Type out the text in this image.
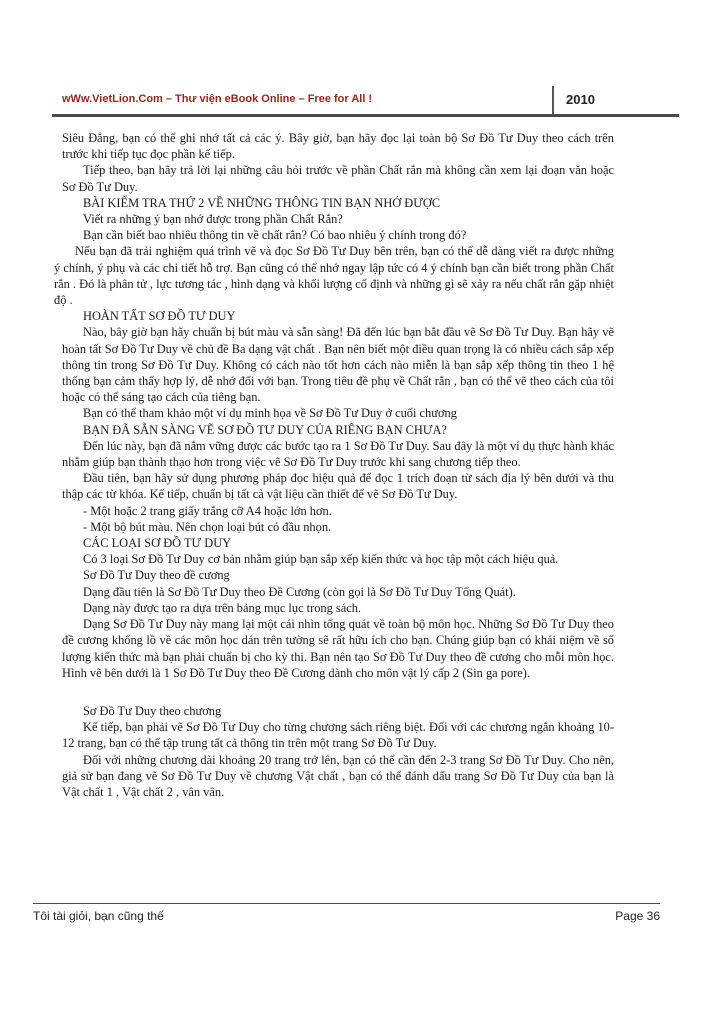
wWw.VietLion.Com – Thư viện eBook Online – Free for All !	2010

Siêu Đẳng, bạn có thể ghi nhớ tất cả các ý. Bây giờ, bạn hãy đọc lại toàn bộ Sơ Đồ Tư Duy theo cách trên trước khi tiếp tục đọc phần kế tiếp.

Tiếp theo, bạn hãy trả lời lại những câu hỏi trước về phần Chất rắn mà không cần xem lại đoạn văn hoặc Sơ Đồ Tư Duy.

BÀI KIỂM TRA THỨ 2 VỀ NHỮNG THÔNG TIN BẠN NHỚ ĐƯỢC

Viết ra những ý bạn nhớ được trong phần Chất Rắn?

Bạn cần biết bao nhiêu thông tin về chất rắn? Có bao nhiêu ý chính trong đó?

Nếu bạn đã trải nghiệm quá trình vẽ và đọc Sơ Đồ Tư Duy bên trên, bạn có thể dễ dàng viết ra được những ý chính, ý phụ và các chi tiết hỗ trợ. Bạn cũng có thể nhớ ngay lập tức có 4 ý chính bạn cần biết trong phần Chất rắn . Đó là phân tử , lực tương tác , hình dạng và khối lượng cố định và những gì sẽ xảy ra nếu chất rắn gặp nhiệt độ .

HOÀN TẤT SƠ ĐỒ TƯ DUY

Nào, bây giờ bạn hãy chuẩn bị bút màu và sẵn sàng! Đã đến lúc bạn bắt đầu vẽ Sơ Đồ Tư Duy. Bạn hãy vẽ hoàn tất Sơ Đồ Tư Duy về chủ đề Ba dạng vật chất . Bạn nên biết một điều quan trọng là có nhiều cách sắp xếp thông tin trong Sơ Đồ Tư Duy. Không có cách nào tốt hơn cách nào miễn là bạn sắp xếp thông tin theo 1 hệ thống bạn cảm thấy hợp lý, dễ nhớ đối với bạn. Trong tiêu đề phụ về Chất rắn , bạn có thể vẽ theo cách của tôi hoặc có thể sáng tạo cách của tiêng bạn.

Bạn có thể tham khảo một ví dụ minh họa về Sơ Đồ Tư Duy ở cuối chương

BẠN ĐÃ SẴN SÀNG VẼ SƠ ĐỒ TƯ DUY CỦA RIÊNG BẠN CHƯA?

Đến lúc này, bạn đã nắm vững được các bước tạo ra 1 Sơ Đồ Tư Duy. Sau đây là một ví dụ thực hành khác nhằm giúp bạn thành thạo hơn trong việc vẽ Sơ Đồ Tư Duy trước khi sang chương tiếp theo.

Đầu tiên, bạn hãy sử dụng phương pháp đọc hiệu quả để đọc 1 trích đoạn từ sách địa lý bên dưới và thu thập các từ khóa. Kế tiếp, chuẩn bị tất cả vật liệu cần thiết để vẽ Sơ Đồ Tư Duy.

- Một hoặc 2 trang giấy trắng cỡ A4 hoặc lớn hơn.

- Một bộ bút màu. Nên chọn loại bút có đầu nhọn.

CÁC LOẠI SƠ ĐỒ TƯ DUY

Có 3 loại Sơ Đồ Tư Duy cơ bản nhằm giúp bạn sắp xếp kiến thức và học tập một cách hiệu quả.

Sơ Đồ Tư Duy theo đề cương

Dạng đầu tiên là Sơ Đồ Tư Duy theo Đề Cương (còn gọi là Sơ Đồ Tư Duy Tổng Quát).

Dạng này được tạo ra dựa trên bảng mục lục trong sách.

Dạng Sơ Đồ Tư Duy này mang lại một cái nhìn tổng quát về toàn bộ môn học. Những Sơ Đồ Tư Duy theo đề cương khổng lồ về các môn học dán trên tường sẽ rất hữu ích cho bạn. Chúng giúp bạn có khái niệm về số lượng kiến thức mà bạn phải chuẩn bị cho kỳ thi. Bạn nên tạo Sơ Đồ Tư Duy theo đề cương cho mỗi môn học. Hình vẽ bên dưới là 1 Sơ Đồ Tư Duy theo Đề Cương dành cho môn vật lý cấp 2 (Sin ga pore).

Sơ Đồ Tư Duy theo chương

Kế tiếp, bạn phải vẽ Sơ Đồ Tư Duy cho từng chương sách riêng biệt. Đối với các chương ngắn khoảng 10-12 trang, bạn có thể tập trung tất cả thông tin trên một trang Sơ Đồ Tư Duy.

Đối với những chương dài khoảng 20 trang trở lên, bạn có thể cần đến 2-3 trang Sơ Đồ Tư Duy. Cho nên, giả sử bạn đang vẽ Sơ Đồ Tư Duy về chương Vật chất , bạn có thể đánh dấu trang Sơ Đồ Tư Duy của bạn là Vật chất 1 , Vật chất 2 , vân vân.

Tôi tài giỏi, bạn cũng thế	Page 36
